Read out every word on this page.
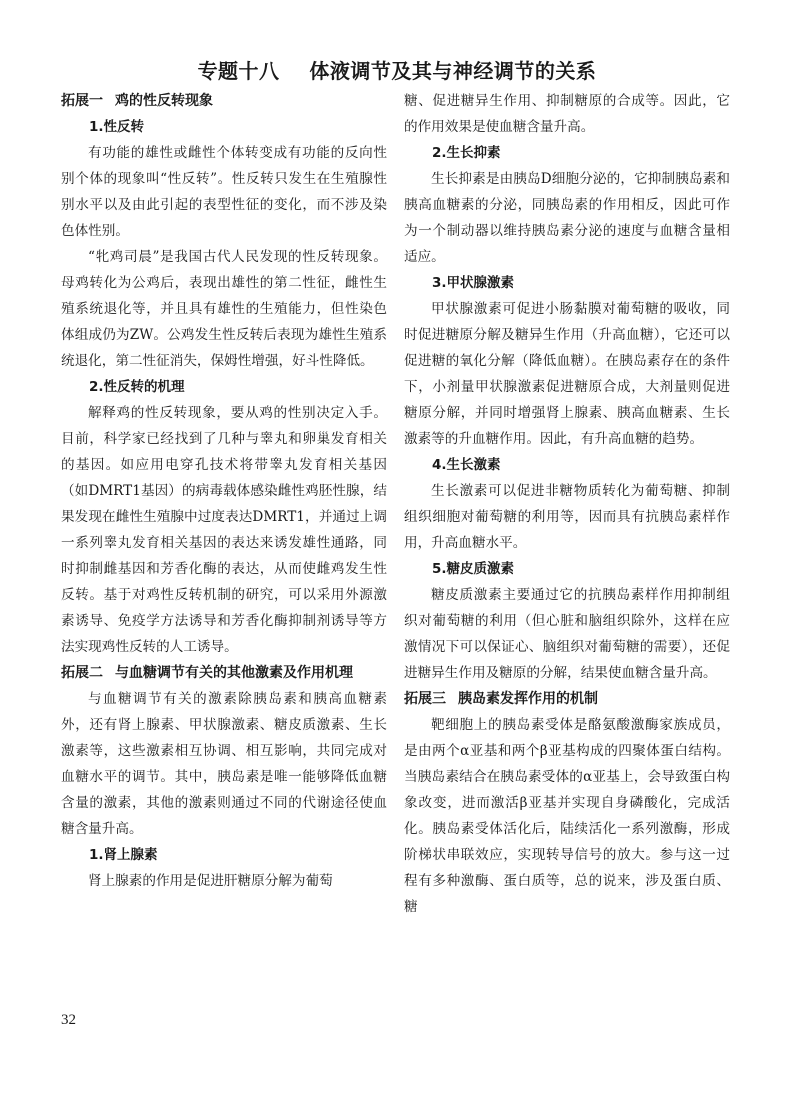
专题十八    体液调节及其与神经调节的关系
拓展一 鸡的性反转现象
1.性反转

有功能的雄性或雌性个体转变成有功能的反向性别个体的现象叫“性反转”。性反转只发生在生殖腺性别水平以及由此引起的表型性征的变化，而不涉及染色体性别。

“牝鸡司晨”是我国古代人民发现的性反转现象。母鸡转化为公鸡后，表现出雄性的第二性征，雌性生殖系统退化等，并且具有雄性的生殖能力，但性染色体组成仍为ZW。公鸡发生性反转后表现为雄性生殖系统退化，第二性征消失，保姆性增强，好斗性降低。

2.性反转的机理

解释鸡的性反转现象，要从鸡的性别决定入手。目前，科学家已经找到了几种与睾丸和卵巢发育相关的基因。如应用电穿孔技术将带睾丸发育相关基因（如DMRT1基因）的病毒载体感染雌性鸡胚性腺，结果发现在雌性生殖腺中过度表达DMRT1，并通过上调一系列睾丸发育相关基因的表达来诱发雄性通路，同时抑制雌基因和芳香化酶的表达，从而使雌鸡发生性反转。基于对鸡性反转机制的研究，可以采用外源激素诱导、免疫学方法诱导和芳香化酶抑制剂诱导等方法实现鸡性反转的人工诱导。

拓展二 与血糖调节有关的其他激素及作用机理

与血糖调节有关的激素除胰岛素和胰高血糖素外，还有肾上腺素、甲状腺激素、糖皮质激素、生长激素等，这些激素相互协调、相互影响，共同完成对血糖水平的调节。其中，胰岛素是唯一能够降低血糖含量的激素，其他的激素则通过不同的代谢途径使血糖含量升高。

1.肾上腺素

肾上腺素的作用是促进肝糖原分解为葡萄

糖、促进糖异生作用、抑制糖原的合成等。因此，它的作用效果是使血糖含量升高。

2.生长抑素

生长抑素是由胰岛D细胞分泌的，它抑制胰岛素和胰高血糖素的分泌，同胰岛素的作用相反，因此可作为一个制动器以维持胰岛素分泌的速度与血糖含量相适应。

3.甲状腺激素

甲状腺激素可促进小肠黏膜对葡萄糖的吸收，同时促进糖原分解及糖异生作用（升高血糖），它还可以促进糖的氧化分解（降低血糖）。在胰岛素存在的条件下，小剂量甲状腺激素促进糖原合成，大剂量则促进糖原分解，并同时增强肾上腺素、胰高血糖素、生长激素等的升血糖作用。因此，有升高血糖的趋势。

4.生长激素

生长激素可以促进非糖物质转化为葡萄糖、抑制组织细胞对葡萄糖的利用等，因而具有抗胰岛素样作用，升高血糖水平。

5.糖皮质激素

糖皮质激素主要通过它的抗胰岛素样作用抑制组织对葡萄糖的利用（但心脏和脑组织除外，这样在应激情况下可以保证心、脑组织对葡萄糖的需要），还促进糖异生作用及糖原的分解，结果使血糖含量升高。

拓展三 胰岛素发挥作用的机制

靶细胞上的胰岛素受体是酪氨酸激酶家族成员，是由两个α亚基和两个β亚基构成的四聚体蛋白结构。当胰岛素结合在胰岛素受体的α亚基上，会导致蛋白构象改变，进而激活β亚基并实现自身磷酸化，完成活化。胰岛素受体活化后，陆续活化一系列激酶，形成阶梯状串联效应，实现转导信号的放大。参与这一过程有多种激酶、蛋白质等，总的说来，涉及蛋白质、糖

32
